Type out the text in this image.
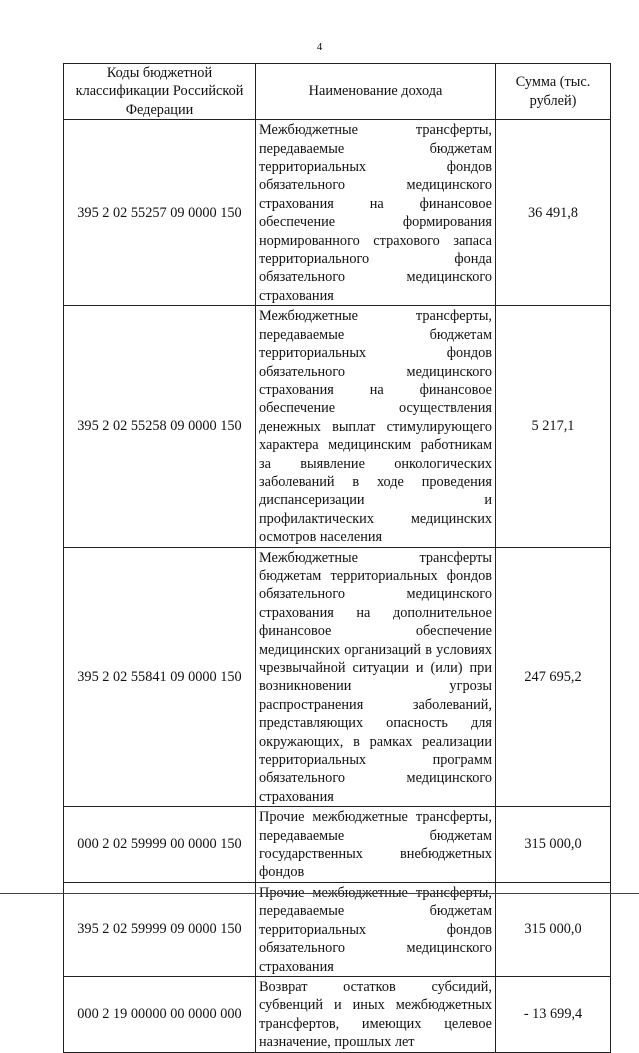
4
Коды бюджетной классификации Российской Федерации	Наименование дохода	Сумма (тыс. рублей)
395 2 02 55257 09 0000 150	Межбюджетные трансферты, передаваемые бюджетам территориальных фондов обязательного медицинского страхования на финансовое обеспечение формирования нормированного страхового запаса территориального фонда обязательного медицинского страхования	36 491,8
395 2 02 55258 09 0000 150	Межбюджетные трансферты, передаваемые бюджетам территориальных фондов обязательного медицинского страхования на финансовое обеспечение осуществления денежных выплат стимулирующего характера медицинским работникам за выявление онкологических заболеваний в ходе проведения диспансеризации и профилактических медицинских осмотров населения	5 217,1
395 2 02 55841 09 0000 150	Межбюджетные трансферты бюджетам территориальных фондов обязательного медицинского страхования на дополнительное финансовое обеспечение медицинских организаций в условиях чрезвычайной ситуации и (или) при возникновении угрозы распространения заболеваний, представляющих опасность для окружающих, в рамках реализации территориальных программ обязательного медицинского страхования	247 695,2
000 2 02 59999 00 0000 150	Прочие межбюджетные трансферты, передаваемые бюджетам государственных внебюджетных фондов	315 000,0
395 2 02 59999 09 0000 150	Прочие межбюджетные трансферты, передаваемые бюджетам территориальных фондов обязательного медицинского страхования	315 000,0
000 2 19 00000 00 0000 000	Возврат остатков субсидий, субвенций и иных межбюджетных трансфертов, имеющих целевое назначение, прошлых лет	- 13 699,4
